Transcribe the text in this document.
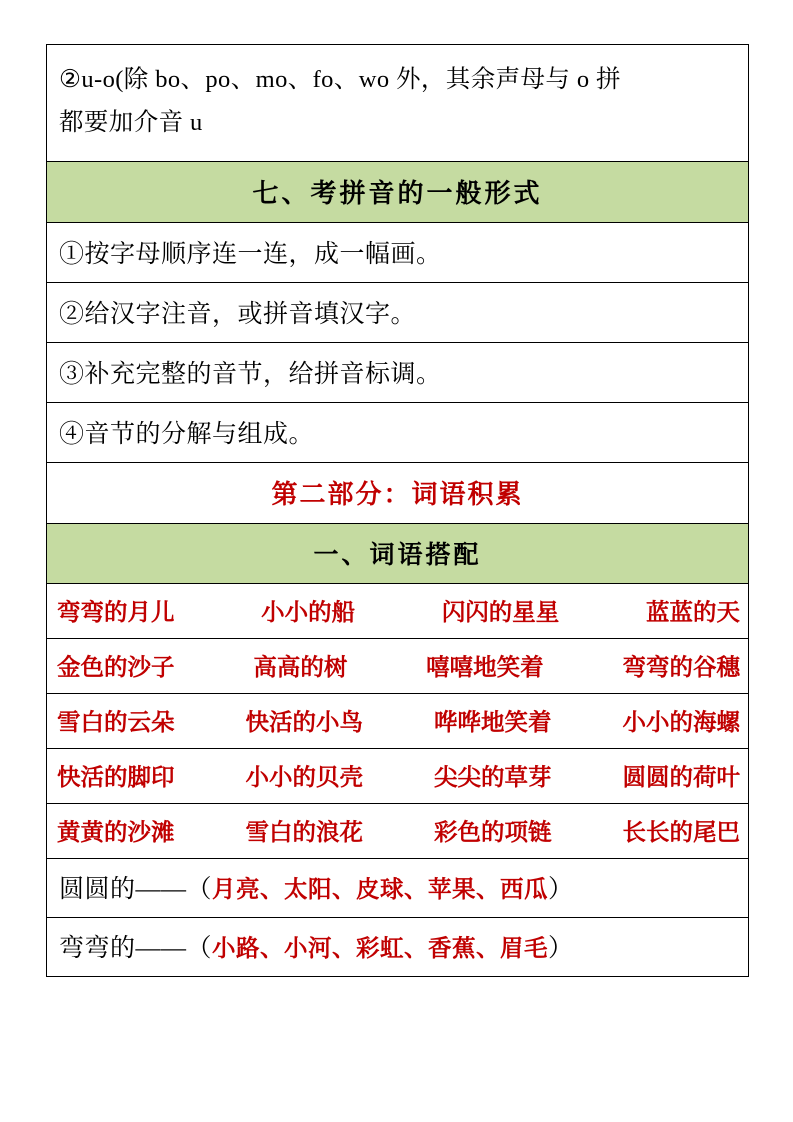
②u-o(除 bo、po、mo、fo、wo 外，其余声母与 o 拼
都要加介音 u

七、考拼音的一般形式

①按字母顺序连一连，成一幅画。

②给汉字注音，或拼音填汉字。

③补充完整的音节，给拼音标调。

④音节的分解与组成。

第二部分：词语积累

一、词语搭配

弯弯的月儿	小小的船	闪闪的星星	蓝蓝的天

金色的沙子	高高的树	嘻嘻地笑着	弯弯的谷穗

雪白的云朵	快活的小鸟	哗哗地笑着	小小的海螺

快活的脚印	小小的贝壳	尖尖的草芽	圆圆的荷叶

黄黄的沙滩	雪白的浪花	彩色的项链	长长的尾巴

圆圆的——（月亮、太阳、皮球、苹果、西瓜）

弯弯的——（小路、小河、彩虹、香蕉、眉毛）
